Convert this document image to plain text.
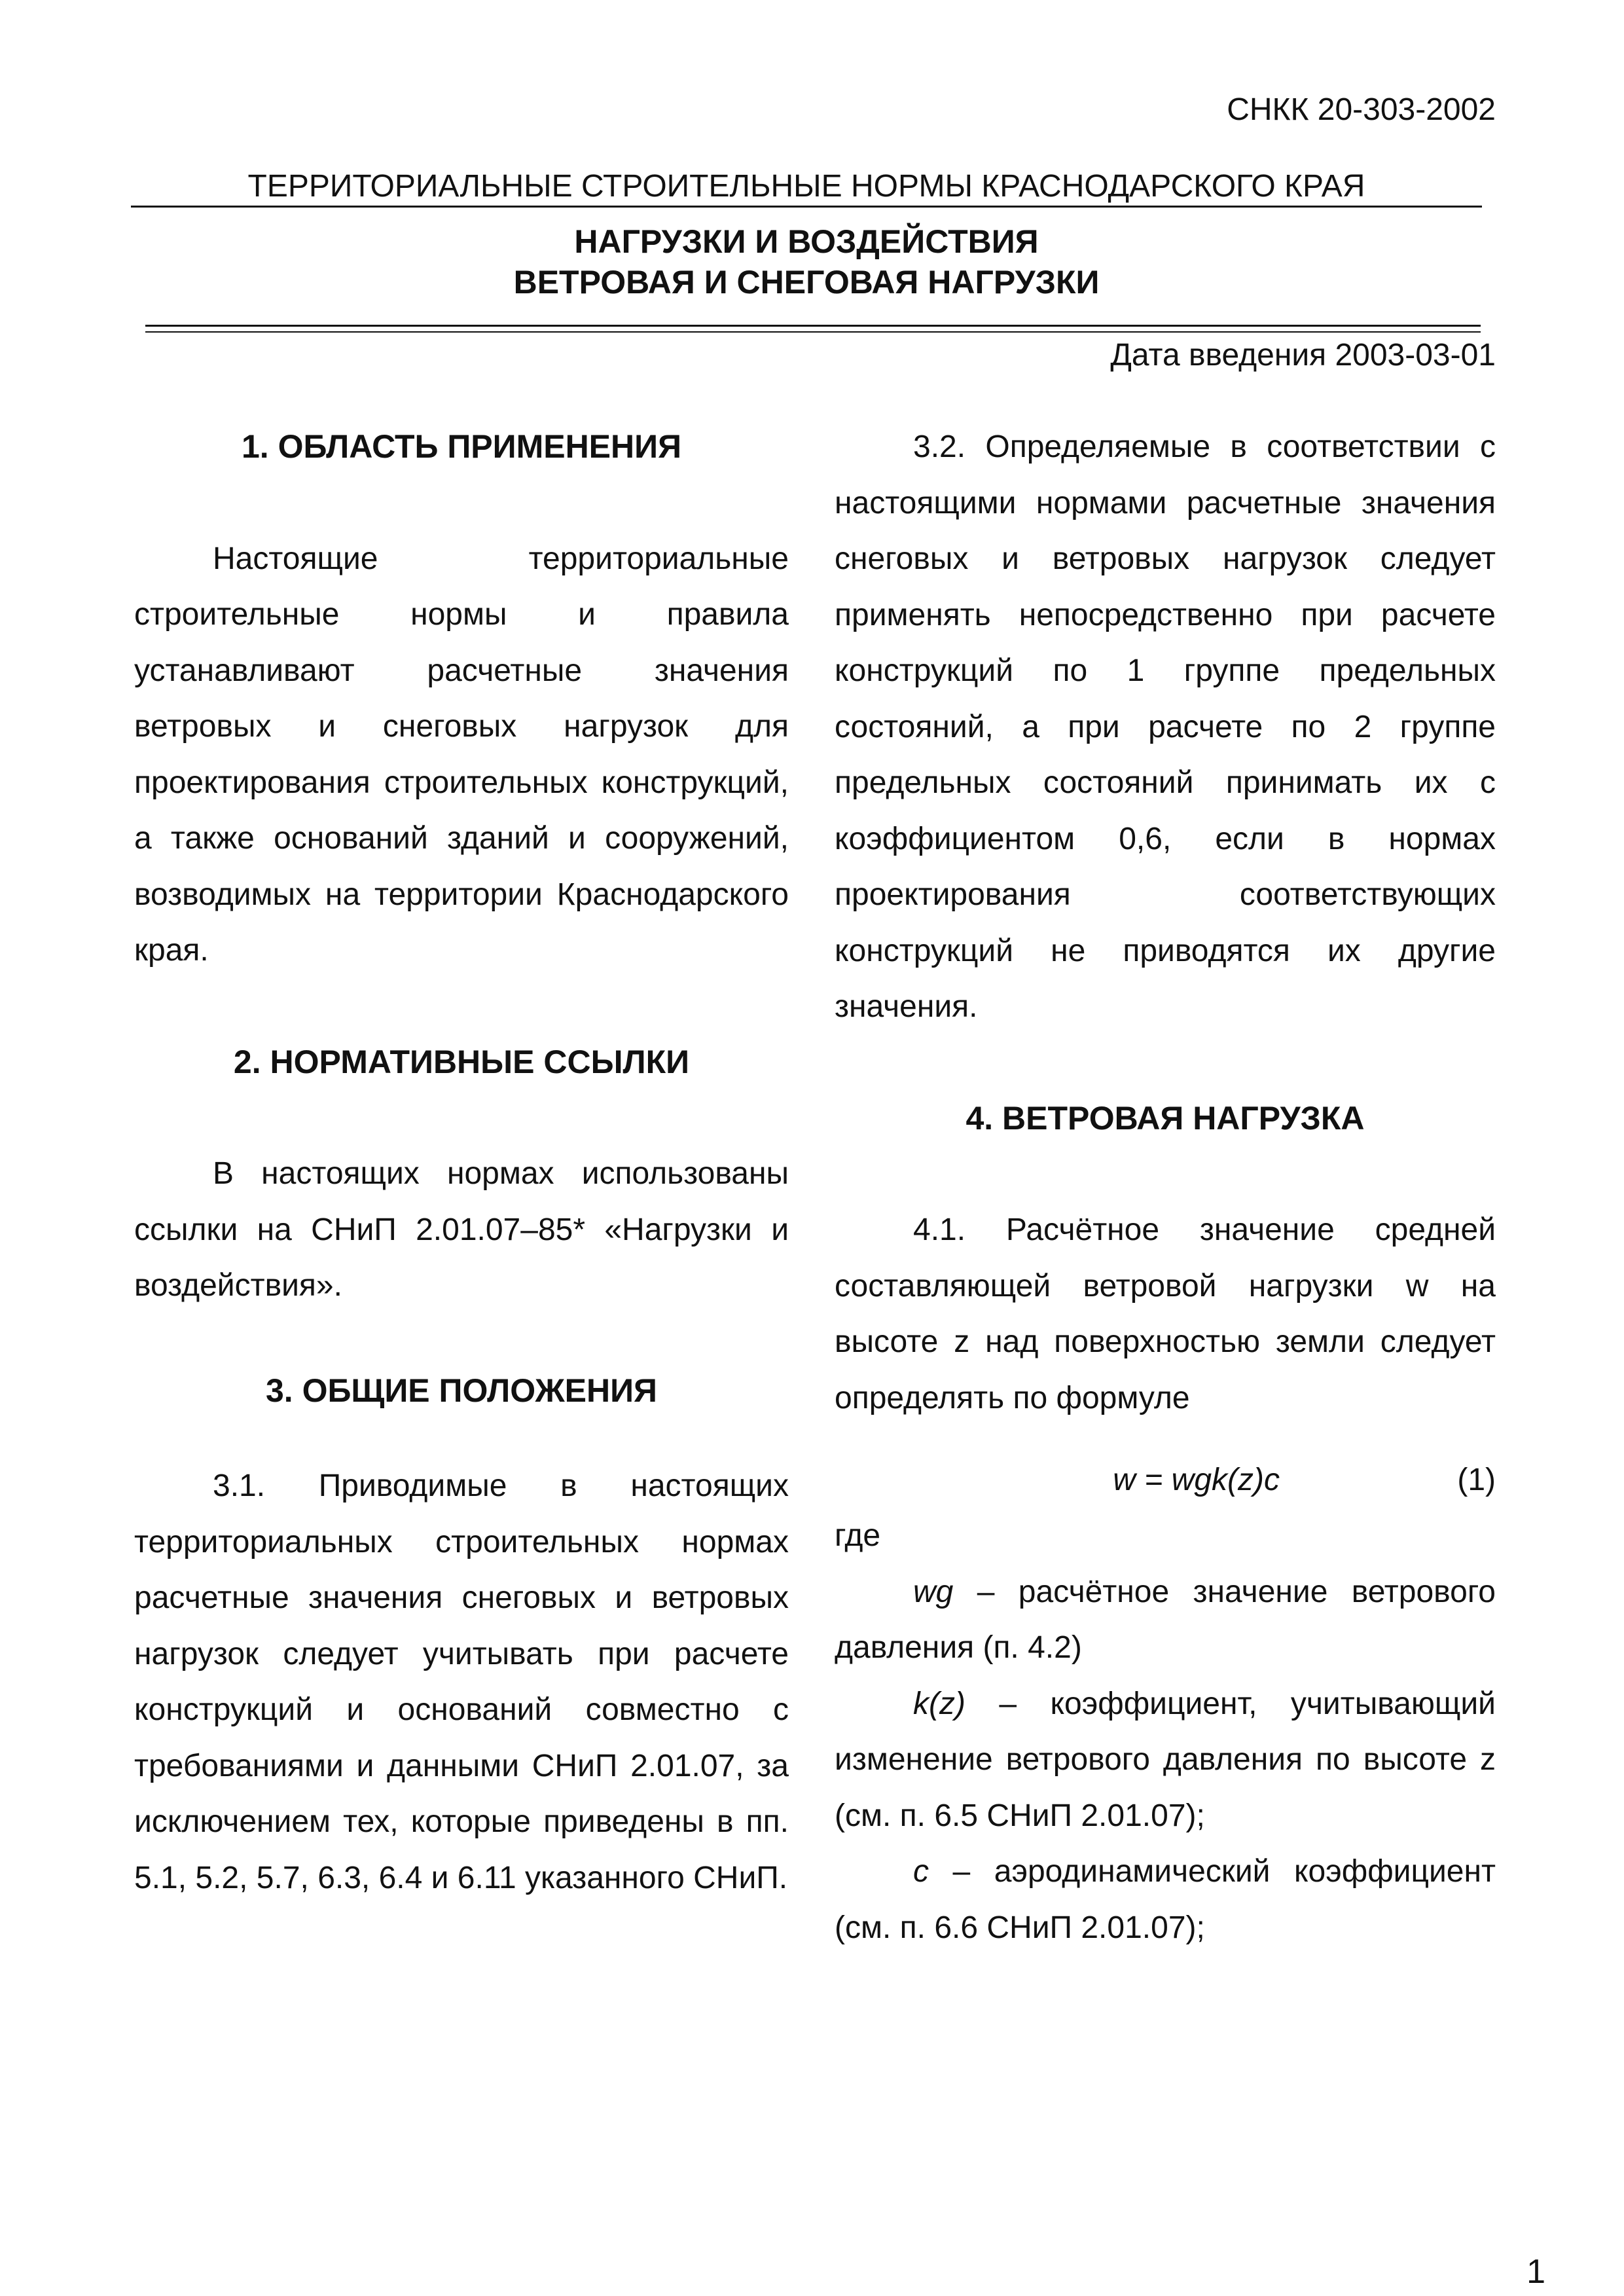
СНКК 20-303-2002
ТЕРРИТОРИАЛЬНЫЕ СТРОИТЕЛЬНЫЕ НОРМЫ КРАСНОДАРСКОГО КРАЯ
НАГРУЗКИ И ВОЗДЕЙСТВИЯ
ВЕТРОВАЯ И СНЕГОВАЯ НАГРУЗКИ
Дата введения 2003-03-01

1. ОБЛАСТЬ ПРИМЕНЕНИЯ

Настоящие территориальные строительные нормы и правила устанавливают расчетные значения ветровых и снеговых нагрузок для проектирования строительных конструкций, а также оснований зданий и сооружений, возводимых на территории Краснодарского края.

2. НОРМАТИВНЫЕ ССЫЛКИ

В настоящих нормах использованы ссылки на СНиП 2.01.07–85* «Нагрузки и воздействия».

3. ОБЩИЕ ПОЛОЖЕНИЯ

3.1. Приводимые в настоящих территориальных строительных нормах расчетные значения снеговых и ветровых нагрузок следует учитывать при расчете конструкций и оснований совместно с требованиями и данными СНиП 2.01.07, за исключением тех, которые приведены в пп. 5.1, 5.2, 5.7, 6.3, 6.4 и 6.11 указанного СНиП.

3.2. Определяемые в соответствии с настоящими нормами расчетные значения снеговых и ветровых нагрузок следует применять непосредственно при расчете конструкций по 1 группе предельных состояний, а при расчете по 2 группе предельных состояний принимать их с коэффициентом 0,6, если в нормах проектирования соответствующих конструкций не приводятся их другие значения.

4. ВЕТРОВАЯ НАГРУЗКА

4.1. Расчётное значение средней составляющей ветровой нагрузки w на высоте z над поверхностью земли следует определять по формуле

w = wgk(z)c	(1)

где

wg – расчётное значение ветрового давления (п. 4.2)

k(z) – коэффициент, учитывающий изменение ветрового давления по высоте z (см. п. 6.5 СНиП 2.01.07);

c – аэродинамический коэффициент (см. п. 6.6 СНиП 2.01.07);

1
